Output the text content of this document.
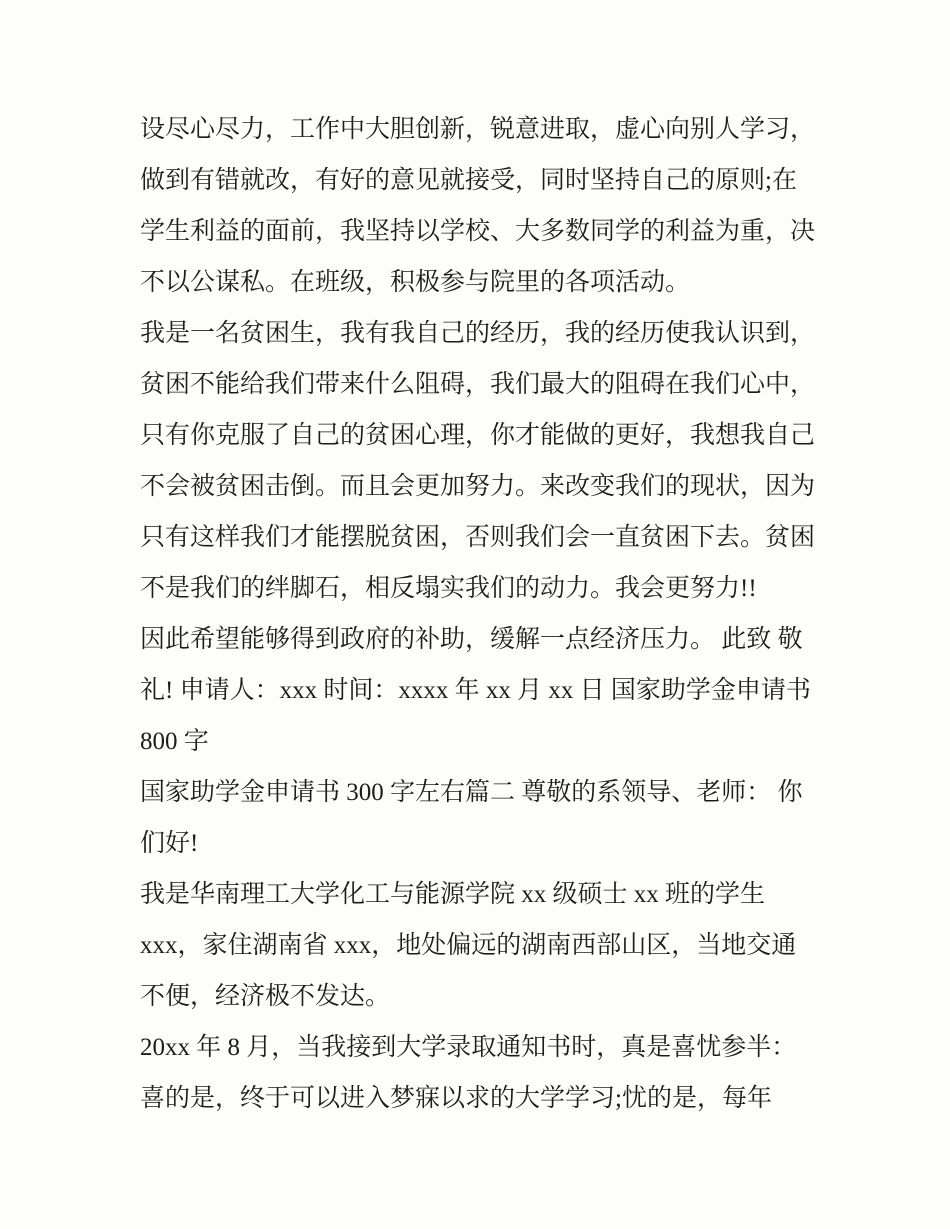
设尽心尽力，工作中大胆创新，锐意进取，虚心向别人学习，
做到有错就改，有好的意见就接受，同时坚持自己的原则;在
学生利益的面前，我坚持以学校、大多数同学的利益为重，决
不以公谋私。在班级，积极参与院里的各项活动。
我是一名贫困生，我有我自己的经历，我的经历使我认识到，
贫困不能给我们带来什么阻碍，我们最大的阻碍在我们心中，
只有你克服了自己的贫困心理，你才能做的更好，我想我自己
不会被贫困击倒。而且会更加努力。来改变我们的现状，因为
只有这样我们才能摆脱贫困，否则我们会一直贫困下去。贫困
不是我们的绊脚石，相反塌实我们的动力。我会更努力!!
因此希望能够得到政府的补助，缓解一点经济压力。 此致 敬
礼! 申请人：xxx 时间：xxxx 年 xx 月 xx 日 国家助学金申请书
800 字
国家助学金申请书 300 字左右篇二 尊敬的系领导、老师： 你
们好!
我是华南理工大学化工与能源学院 xx 级硕士 xx 班的学生
xxx，家住湖南省 xxx，地处偏远的湖南西部山区，当地交通
不便，经济极不发达。
20xx 年 8 月，当我接到大学录取通知书时，真是喜忧参半：
喜的是，终于可以进入梦寐以求的大学学习;忧的是，每年
